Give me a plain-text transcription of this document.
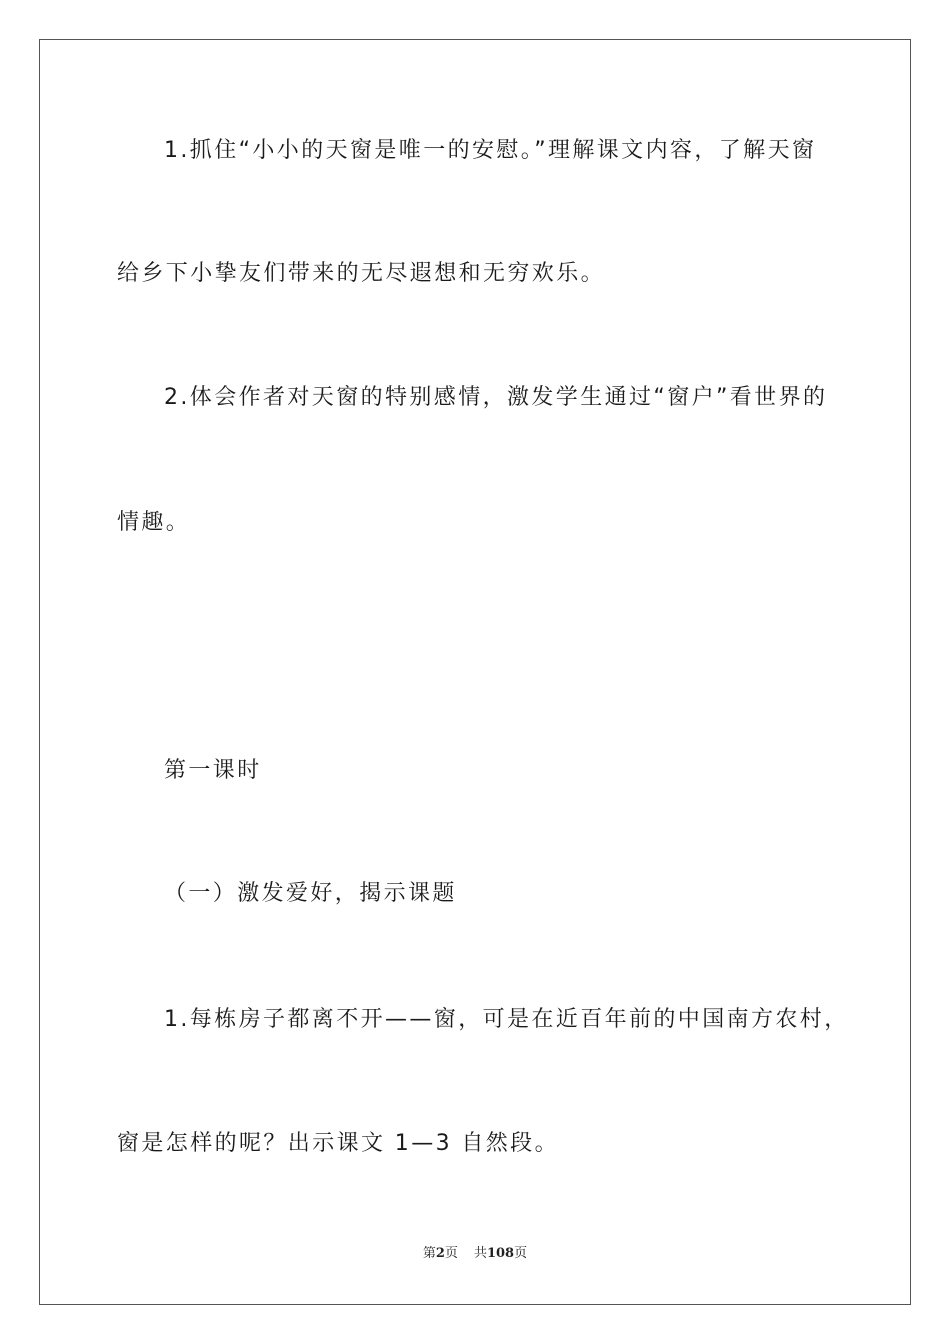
1.抓住“小小的天窗是唯一的安慰。”理解课文内容，了解天窗
给乡下小挚友们带来的无尽遐想和无穷欢乐。
2.体会作者对天窗的特别感情，激发学生通过“窗户”看世界的
情趣。
第一课时
（一）激发爱好，揭示课题
1.每栋房子都离不开——窗，可是在近百年前的中国南方农村，
窗是怎样的呢？出示课文 1—3 自然段。
第2页 共108页
